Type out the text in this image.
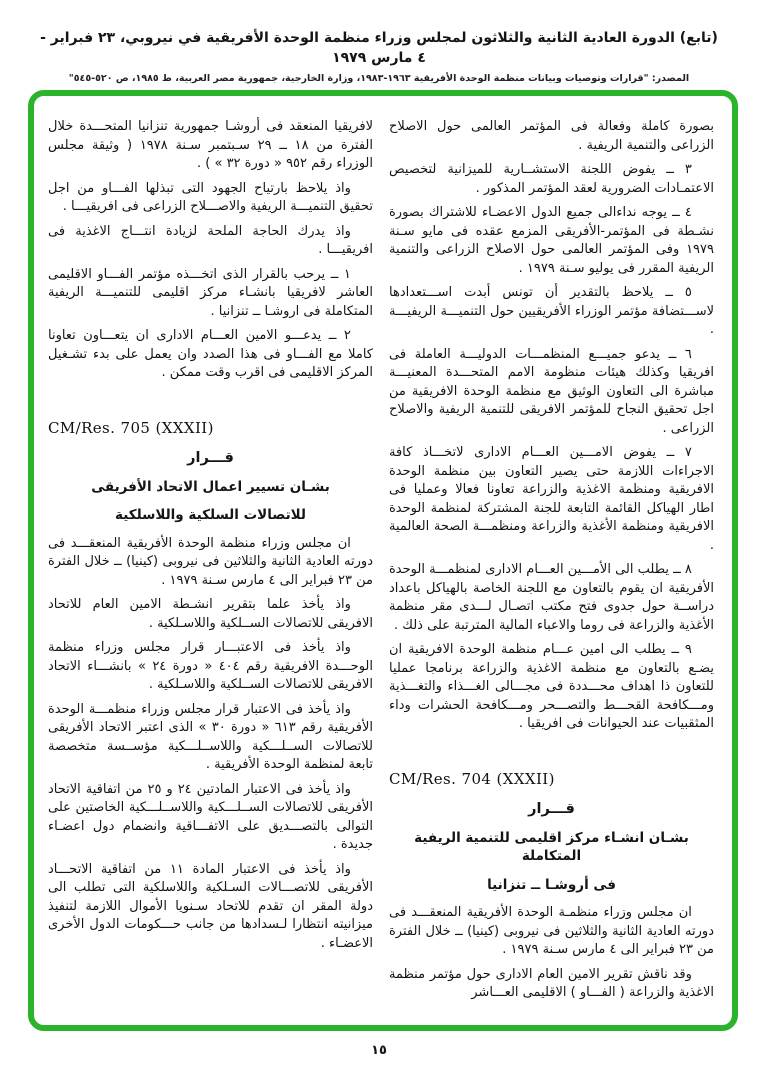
(تابع) الدورة العادية الثانية والثلاثون لمجلس وزراء منظمة الوحدة الأفريقية في نيروبي، ٢٣ فبراير - ٤ مارس ١٩٧٩
المصدر: "قرارات وتوصيات وبيانات منظمة الوحدة الأفريقية ١٩٦٣-١٩٨٣، وزارة الخارجية، جمهورية مصر العربية، ط ١٩٨٥، ص ٥٢٠-٥٤٥"
بصورة كاملة وفعالة فى المؤتمر العالمى حول الاصلاح الزراعى والتنمية الريفية .
٣ ــ يفوض اللجنة الاستشــارية للميزانية لتخصيص الاعتمـادات الضرورية لعقد المؤتمر المذكور .
٤ ــ يوجه نداءالى جميع الدول الاعضـاء للاشتراك بصورة نشـطة فى المؤتمر-الأفريقى المزمع عقده فى مايو سـنة ١٩٧٩ وفى المؤتمر العالمى حول الاصلاح الزراعى والتنمية الريفية المقرر فى يوليو سـنة ١٩٧٩ .
٥ ــ يلاحظ بالتقدير أن تونس أبدت اســـتعدادها لاســـتضافة مؤتمر الوزراء الأفريقيين حول التنميـــة الريفيـــة .
٦ ــ يدعو جميـــع المنظمـــات الدوليـــة العاملة فى افريقيا وكذلك هيئات منظومة الامم المتحـــدة المعنيـــة مباشرة الى التعاون الوثيق مع منظمة الوحدة الافريقية من اجل تحقيق النجاح للمؤتمر الافريقى للتنمية الريفية والاصلاح الزراعى .
٧ ــ يفوض الامـــين العـــام الادارى لاتخـــاذ كافة الاجراءات اللازمة حتى يصير التعاون بين منظمة الوحدة الافريقية ومنظمة الاغذية والزراعة تعاونا فعالا وعمليا فى اطار الهياكل القائمة التابعة للجنة المشتركة لمنظمة الوحدة الافريقية ومنظمة الأغذية والزراعة ومنظمـــة الصحة العالمية .
٨ ــ يطلب الى الأمـــين العـــام الادارى لمنظمـــة الوحدة الأفريقية ان يقوم بالتعاون مع اللجنة الخاصة بالهياكل باعداد دراســة حول جدوى فتح مكتب اتصـال لـــدى مقر منظمة الأغذية والزراعة فى روما والاعباء المالية المترتبة على ذلك .
٩ ــ يطلب الى امين عـــام منظمة الوحدة الافريقية ان يضـع بالتعاون مع منظمة الاغذية والزراعة برنامجا عمليا للتعاون ذا اهداف محـــددة فى مجـــالى الغـــذاء والتغـــذية ومـــكافحة القحـــط والتصـــحر ومـــكافحة الحشرات وداء المثقبيات عند الحيوانات فى افريقيا .
CM/Res. 704 (XXXII)
قـــرار
بشـان انشـاء مركز اقليمى للتنمية الريفية المتكاملة
فى أروشـا ــ تنزانيا
ان مجلس وزراء منظمـة الوحدة الأفريقية المنعقـــد فى دورته العادية الثانية والثلاثين فى نيروبى (كينيا) ــ خلال الفترة من ٢٣ فبراير الى ٤ مارس سـنة ١٩٧٩ .
وقد ناقش تقرير الامين العام الادارى حول مؤتمر منظمة الاغذية والزراعة ( الفـــاو ) الاقليمى العـــاشر
لافريقيا المنعقد فى أروشـا جمهورية تنزانيا المتحـــدة خلال الفترة من ١٨ ــ ٢٩ سـبتمبر سـنة ١٩٧٨ ( وثيقة مجلس الوزراء رقم ٩٥٢ « دورة ٣٢ » ) .
واذ يلاحظ بارتياح الجهود التى تبذلها الفـــاو من اجل تحقيق التنميـــة الريفية والاصـــلاح الزراعى فى افريقيـــا .
واذ يدرك الحاجة الملحة لزيادة انتـــاج الاغذية فى افريقيـــا .
١ ــ يرحب بالقرار الذى اتخـــذه مؤتمر الفـــاو الاقليمى العاشر لافريقيا بانشـاء مركز اقليمى للتنميـــة الريفية المتكاملة فى اروشـا ــ تنزانيا .
٢ ــ يدعـــو الامين العـــام الادارى ان يتعـــاون تعاونا كاملا مع الفـــاو فى هذا الصدد وان يعمل على بدء تشـغيل المركز الاقليمى فى اقرب وقت ممكن .
CM/Res. 705 (XXXII)
قـــرار
بشـان تسيير اعمال الاتحاد الأفريقى
للاتصالات السلكية واللاسلكية
ان مجلس وزراء منظمة الوحدة الأفريقية المنعقـــد فى دورته العادية الثانية والثلاثين فى نيروبى (كينيا) ــ خلال الفترة من ٢٣ فبراير الى ٤ مارس سـنة ١٩٧٩ .
واذ يأخذ علما بتقرير انشـطة الامين العام للاتحاد الافريقى للاتصالات الســلكية واللاسـلكية .
واذ يأخذ فى الاعتبـــار قرار مجلس وزراء منظمة الوحـــدة الافريقية رقم ٤٠٤ « دورة ٢٤ » بانشـــاء الاتحاد الافريقى للاتصالات الســلكية واللاسـلكية .
واذ يأخذ فى الاعتبار قرار مجلس وزراء منظمـــة الوحدة الأفريقية رقم ٦١٣ « دورة ٣٠ » الذى اعتبر الاتحاد الأفريقى للاتصالات الســلـــكية واللاســلـــكية مؤســسة متخصصة تابعة لمنظمة الوحدة الأفريقية .
واذ يأخذ فى الاعتبار المادتين ٢٤ و ٢٥ من اتفاقية الاتحاد الأفريقى للاتصالات الســلـــكية واللاســلـــكية الخاصتين على التوالى بالتصـــديق على الاتفـــاقية وانضمام دول اعضـاء جديدة .
واذ يأخذ فى الاعتبار المادة ١١ من اتفاقية الاتحـــاد الأفريقى للاتصـــالات السـلكية واللاسلكية التى تطلب الى دولة المقر ان تقدم للاتحاد سـنويا الأموال اللازمة لتنفيذ ميزانيته انتظارا لـسدادها من جانب حـــكومات الدول الأخرى الاعضـاء .
١٥
